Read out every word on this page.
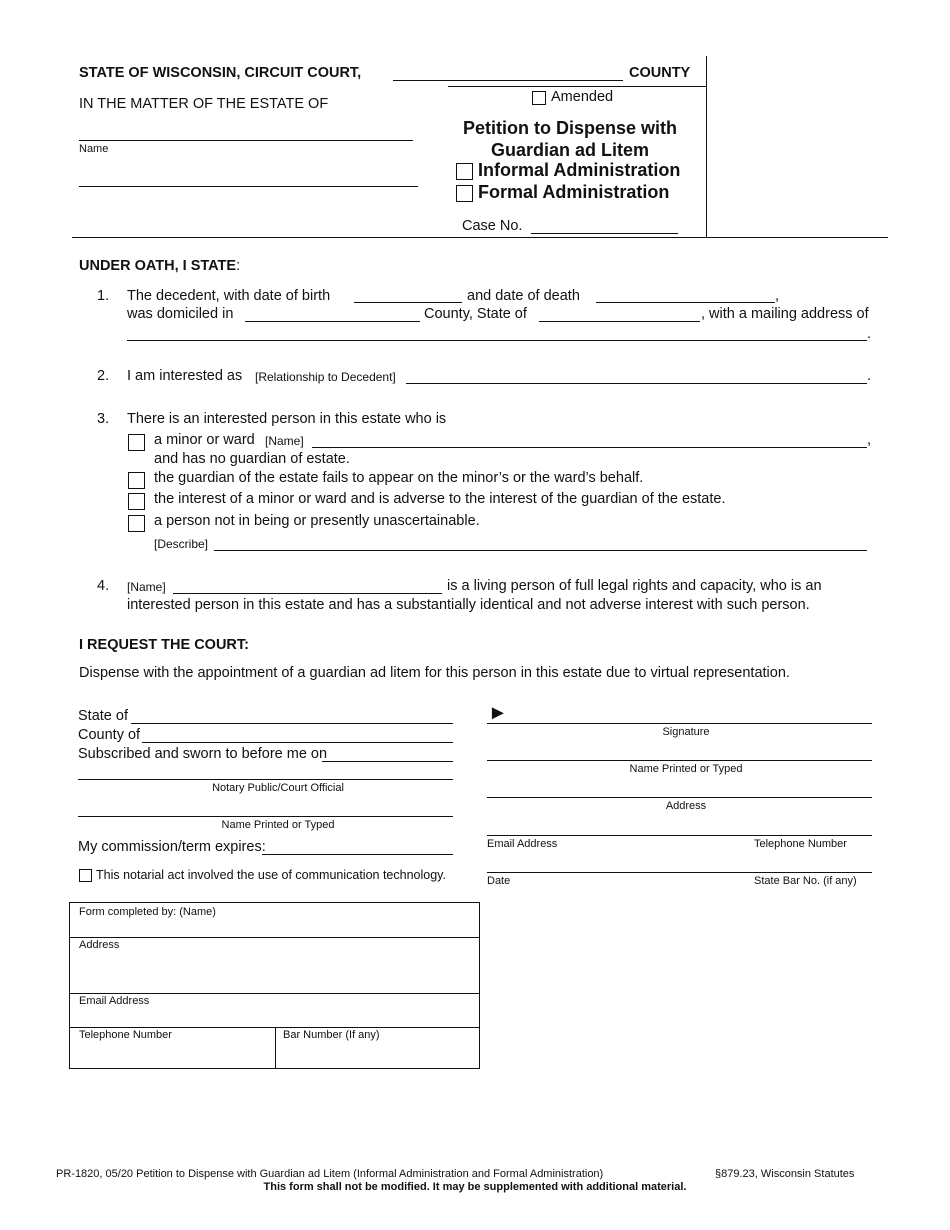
STATE OF WISCONSIN, CIRCUIT COURT,	COUNTY
IN THE MATTER OF THE ESTATE OF
Name
Amended
Petition to Dispense with
Guardian ad Litem
Informal Administration
Formal Administration
Case No.
UNDER OATH, I STATE:
1. The decedent, with date of birth	and date of death	,
was domiciled in	County, State of	, with a mailing address of
.
2. I am interested as [Relationship to Decedent]	.
3. There is an interested person in this estate who is
a minor or ward [Name]	,
and has no guardian of estate.
the guardian of the estate fails to appear on the minor’s or the ward’s behalf.
the interest of a minor or ward and is adverse to the interest of the guardian of the estate.
a person not in being or presently unascertainable.
[Describe]
4. [Name]	is a living person of full legal rights and capacity, who is an
interested person in this estate and has a substantially identical and not adverse interest with such person.
I REQUEST THE COURT:
Dispense with the appointment of a guardian ad litem for this person in this estate due to virtual representation.
State of
County of
Subscribed and sworn to before me on
Notary Public/Court Official
Name Printed or Typed
My commission/term expires:
This notarial act involved the use of communication technology.
►
Signature
Name Printed or Typed
Address
Email Address	Telephone Number
Date	State Bar No. (if any)
Form completed by: (Name)
Address
Email Address
Telephone Number	Bar Number (If any)
PR-1820, 05/20 Petition to Dispense with Guardian ad Litem (Informal Administration and Formal Administration)	§879.23, Wisconsin Statutes
This form shall not be modified. It may be supplemented with additional material.
